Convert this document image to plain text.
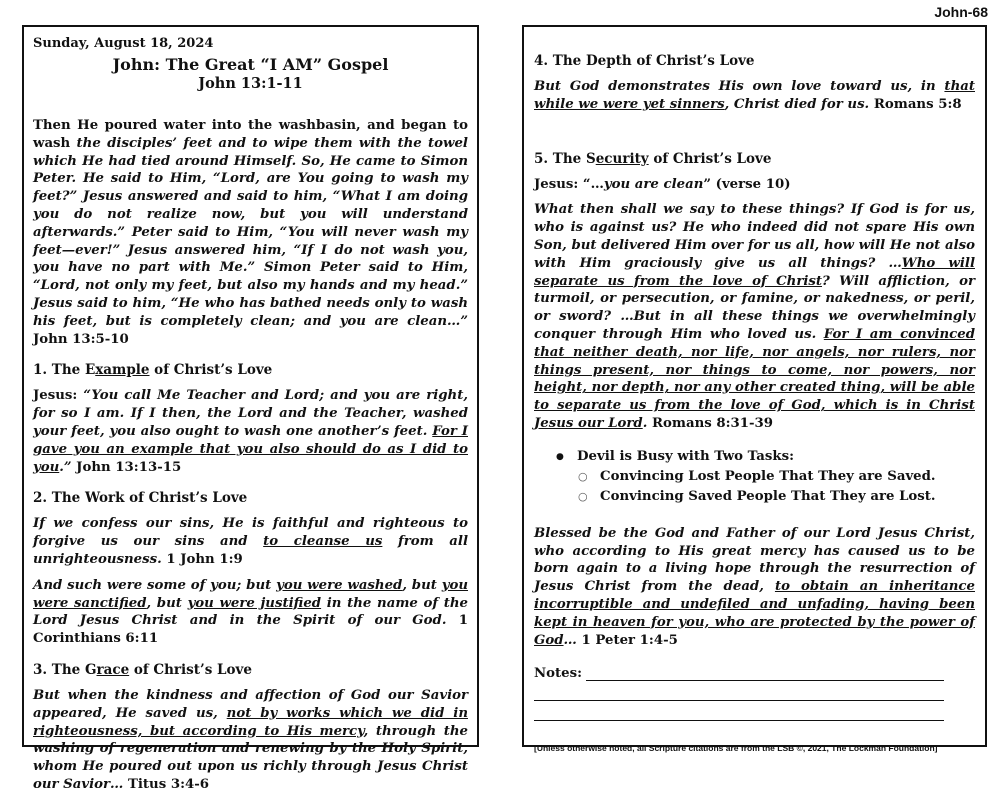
John-68

Sunday, August 18, 2024

John: The Great “I AM” Gospel

John 13:1-11

Then He poured water into the washbasin, and began to wash the disciples’ feet and to wipe them with the towel which He had tied around Himself. So, He came to Simon Peter. He said to Him, “Lord, are You going to wash my feet?” Jesus answered and said to him, “What I am doing you do not realize now, but you will understand afterwards.” Peter said to Him, “You will never wash my feet—ever!” Jesus answered him, “If I do not wash you, you have no part with Me.” Simon Peter said to Him, “Lord, not only my feet, but also my hands and my head.” Jesus said to him, “He who has bathed needs only to wash his feet, but is completely clean; and you are clean…” John 13:5-10

1. The Example of Christ’s Love

Jesus: “You call Me Teacher and Lord; and you are right, for so I am. If I then, the Lord and the Teacher, washed your feet, you also ought to wash one another’s feet. For I gave you an example that you also should do as I did to you.” John 13:13-15

2. The Work of Christ’s Love

If we confess our sins, He is faithful and righteous to forgive us our sins and to cleanse us from all unrighteousness. 1 John 1:9

And such were some of you; but you were washed, but you were sanctified, but you were justified in the name of the Lord Jesus Christ and in the Spirit of our God. 1 Corinthians 6:11

3. The Grace of Christ’s Love

But when the kindness and affection of God our Savior appeared, He saved us, not by works which we did in righteousness, but according to His mercy, through the washing of regeneration and renewing by the Holy Spirit, whom He poured out upon us richly through Jesus Christ our Savior… Titus 3:4-6

4. The Depth of Christ’s Love

But God demonstrates His own love toward us, in that while we were yet sinners, Christ died for us. Romans 5:8

5. The Security of Christ’s Love

Jesus: “…you are clean” (verse 10)

What then shall we say to these things? If God is for us, who is against us? He who indeed did not spare His own Son, but delivered Him over for us all, how will He not also with Him graciously give us all things? …Who will separate us from the love of Christ? Will affliction, or turmoil, or persecution, or famine, or nakedness, or peril, or sword? …But in all these things we overwhelmingly conquer through Him who loved us. For I am convinced that neither death, nor life, nor angels, nor rulers, nor things present, nor things to come, nor powers, nor height, nor depth, nor any other created thing, will be able to separate us from the love of God, which is in Christ Jesus our Lord. Romans 8:31-39

● Devil is Busy with Two Tasks:
○ Convincing Lost People That They are Saved.
○ Convincing Saved People That They are Lost.

Blessed be the God and Father of our Lord Jesus Christ, who according to His great mercy has caused us to be born again to a living hope through the resurrection of Jesus Christ from the dead, to obtain an inheritance incorruptible and undefiled and unfading, having been kept in heaven for you, who are protected by the power of God… 1 Peter 1:4-5

Notes:

[Unless otherwise noted, all Scripture citations are from the LSB ©, 2021, The Lockman Foundation]
